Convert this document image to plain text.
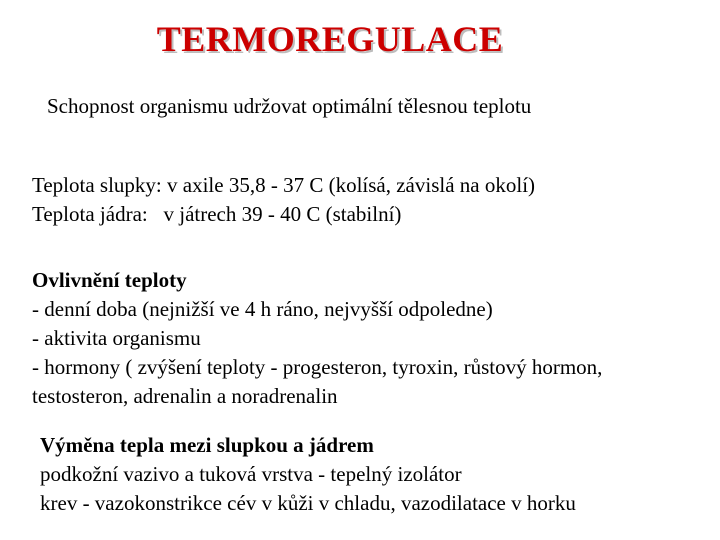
TERMOREGULACE

Schopnost organismu udržovat optimální tělesnou teplotu

Teplota slupky: v axile 35,8 - 37 C (kolísá, závislá na okolí)
Teplota jádra: v játrech 39 - 40 C (stabilní)
Ovlivnění teploty
- denní doba (nejnižší ve 4 h ráno, nejvyšší odpoledne)
- aktivita organismu
- hormony ( zvýšení teploty - progesteron, tyroxin, růstový hormon,
testosteron, adrenalin a noradrenalin
Výměna tepla mezi slupkou a jádrem
podkožní vazivo a tuková vrstva - tepelný izolátor
krev - vazokonstrikce cév v kůži v chladu, vazodilatace v horku
